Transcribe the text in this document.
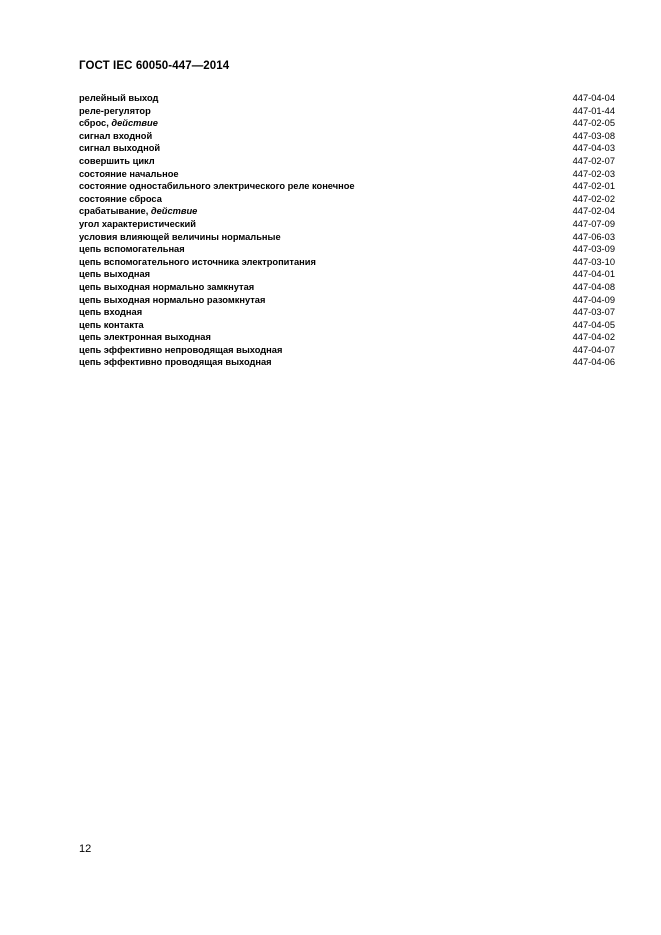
ГОСТ IEC 60050-447—2014
релейный выход	447-04-04
реле-регулятор	447-01-44
сброс, действие	447-02-05
сигнал входной	447-03-08
сигнал выходной	447-04-03
совершить цикл	447-02-07
состояние начальное	447-02-03
состояние одностабильного электрического реле конечное	447-02-01
состояние сброса	447-02-02
срабатывание, действие	447-02-04
угол характеристический	447-07-09
условия влияющей величины нормальные	447-06-03
цепь вспомогательная	447-03-09
цепь вспомогательного источника электропитания	447-03-10
цепь выходная	447-04-01
цепь выходная нормально замкнутая	447-04-08
цепь выходная нормально разомкнутая	447-04-09
цепь входная	447-03-07
цепь контакта	447-04-05
цепь электронная выходная	447-04-02
цепь эффективно непроводящая выходная	447-04-07
цепь эффективно проводящая выходная	447-04-06
12
